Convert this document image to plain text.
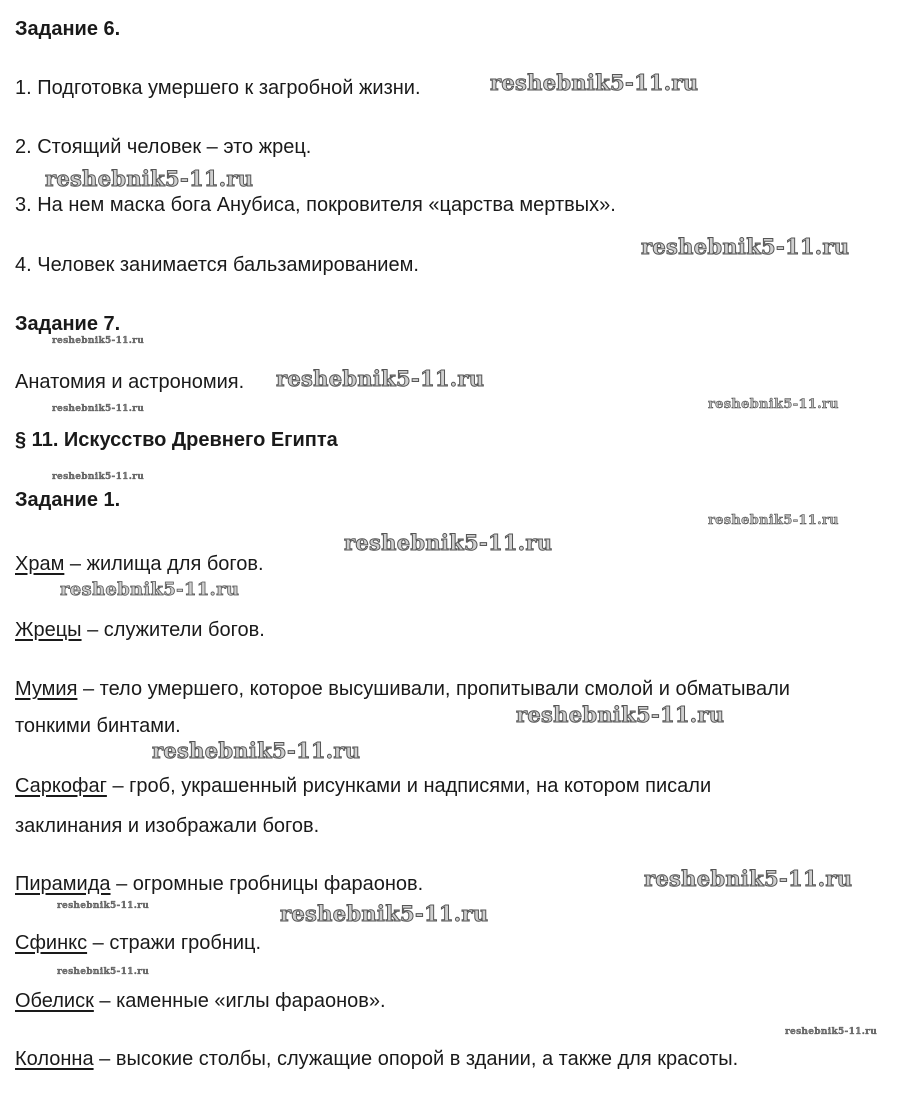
Задание 6.
1. Подготовка умершего к загробной жизни.
2. Стоящий человек – это жрец.
3. На нем маска бога Анубиса, покровителя «царства мертвых».
4. Человек занимается бальзамированием.
Задание 7.
Анатомия и астрономия.
§ 11. Искусство Древнего Египта
Задание 1.
Храм – жилища для богов.
Жрецы – служители богов.
Мумия – тело умершего, которое высушивали, пропитывали смолой и обматывали
тонкими бинтами.
Саркофаг – гроб, украшенный рисунками и надписями, на котором писали
заклинания и изображали богов.
Пирамида – огромные гробницы фараонов.
Сфинкс – стражи гробниц.
Обелиск – каменные «иглы фараонов».
Колонна – высокие столбы, служащие опорой в здании, а также для красоты.
reshebnik5-11.ru
reshebnik5-11.ru
reshebnik5-11.ru
reshebnik5-11.ru
reshebnik5-11.ru
reshebnik5-11.ru	reshebnik5-11.ru
reshebnik5-11.ru
reshebnik5-11.ru
reshebnik5-11.ru
reshebnik5-11.ru
reshebnik5-11.ru
reshebnik5-11.ru
reshebnik5-11.ru
reshebnik5-11.ru	reshebnik5-11.ru
reshebnik5-11.ru
reshebnik5-11.ru
